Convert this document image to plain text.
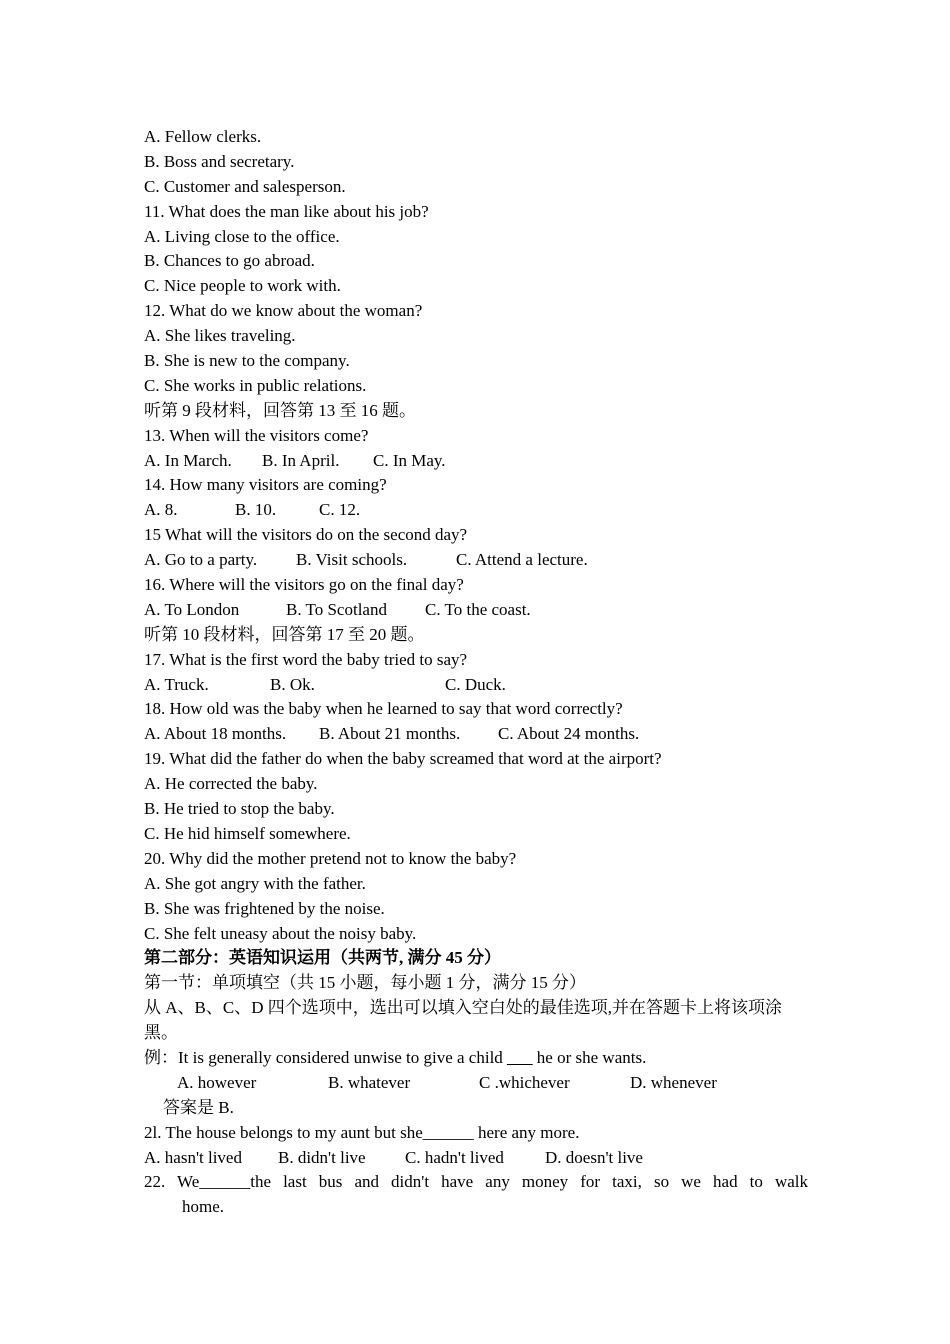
A. Fellow clerks.
B. Boss and secretary.
C. Customer and salesperson.
11. What does the man like about his job?
A. Living close to the office.
B. Chances to go abroad.
C. Nice people to work with.
12. What do we know about the woman?
A. She likes traveling.
B. She is new to the company.
C. She works in public relations.
听第 9 段材料，回答第 13 至 16 题。
13. When will the visitors come?
A. In March. B. In April. C. In May.
14. How many visitors are coming?
A. 8.	B. 10.	C. 12.
15 What will the visitors do on the second day?
A. Go to a party. B. Visit schools.	C. Attend a lecture.
16. Where will the visitors go on the final day?
A. To London	B. To Scotland C. To the coast.
听第 10 段材料，回答第 17 至 20 题。
17. What is the first word the baby tried to say?
A. Truck.	B. Ok.	C. Duck.
18. How old was the baby when he learned to say that word correctly?
A. About 18 months. B. About 21 months. C. About 24 months.
19. What did the father do when the baby screamed that word at the airport?
A. He corrected the baby.
B. He tried to stop the baby.
C. He hid himself somewhere.
20. Why did the mother pretend not to know the baby?
A. She got angry with the father.
B. She was frightened by the noise.
C. She felt uneasy about the noisy baby.
第二部分：英语知识运用（共两节, 满分 45 分）
第一节：单项填空（共 15 小题，每小题 1 分，满分 15 分）
从 A、B、C、D 四个选项中，选出可以填入空白处的最佳选项,并在答题卡上将该项涂黑。
例：It is generally considered unwise to give a child ___ he or she wants.
A. however	B. whatever	C .whichever	D. whenever
答案是 B.
2l. The house belongs to my aunt but she______ here any more.
A. hasn't lived B. didn't live C. hadn't lived D. doesn't live
22. We______the last bus and didn't have any money for taxi, so we had to walk
home.
